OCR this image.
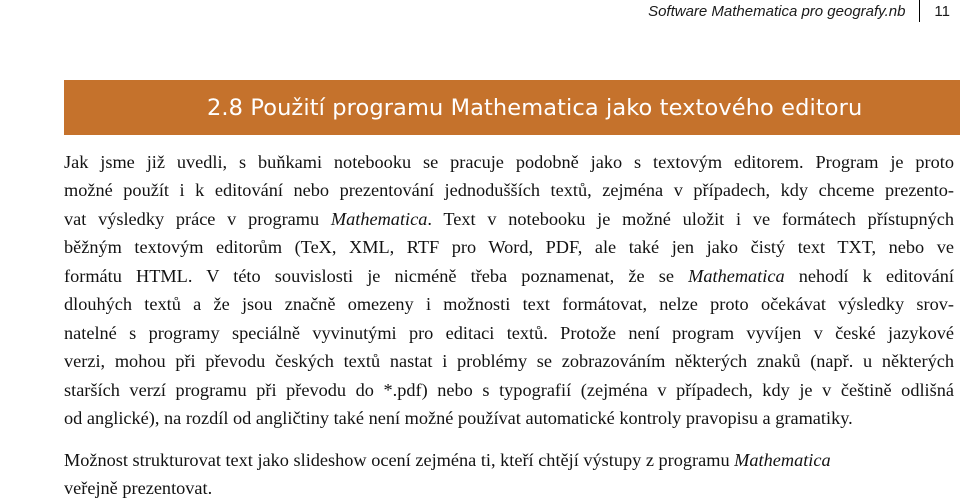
Software Mathematica pro geografy.nb	11
2.8 Použití programu Mathematica jako textového editoru

Jak jsme již uvedli, s buňkami notebooku se pracuje podobně jako s textovým editorem. Program je proto
možné použít i k editování nebo prezentování jednodušších textů, zejména v případech, kdy chceme prezento-
vat výsledky práce v programu Mathematica. Text v notebooku je možné uložit i ve formátech přístupných
běžným textovým editorům (TeX, XML, RTF pro Word, PDF, ale také jen jako čistý text TXT, nebo ve
formátu HTML. V této souvislosti je nicméně třeba poznamenat, že se Mathematica nehodí k editování
dlouhých textů a že jsou značně omezeny i možnosti text formátovat, nelze proto očekávat výsledky srov-
natelné s programy speciálně vyvinutými pro editaci textů. Protože není program vyvíjen v české jazykové
verzi, mohou při převodu českých textů nastat i problémy se zobrazováním některých znaků (např. u některých
starších verzí programu při převodu do *.pdf) nebo s typografií (zejména v případech, kdy je v češtině odlišná
od anglické), na rozdíl od angličtiny také není možné používat automatické kontroly pravopisu a gramatiky.

Možnost strukturovat text jako slideshow ocení zejména ti, kteří chtějí výstupy z programu Mathematica
veřejně prezentovat.
